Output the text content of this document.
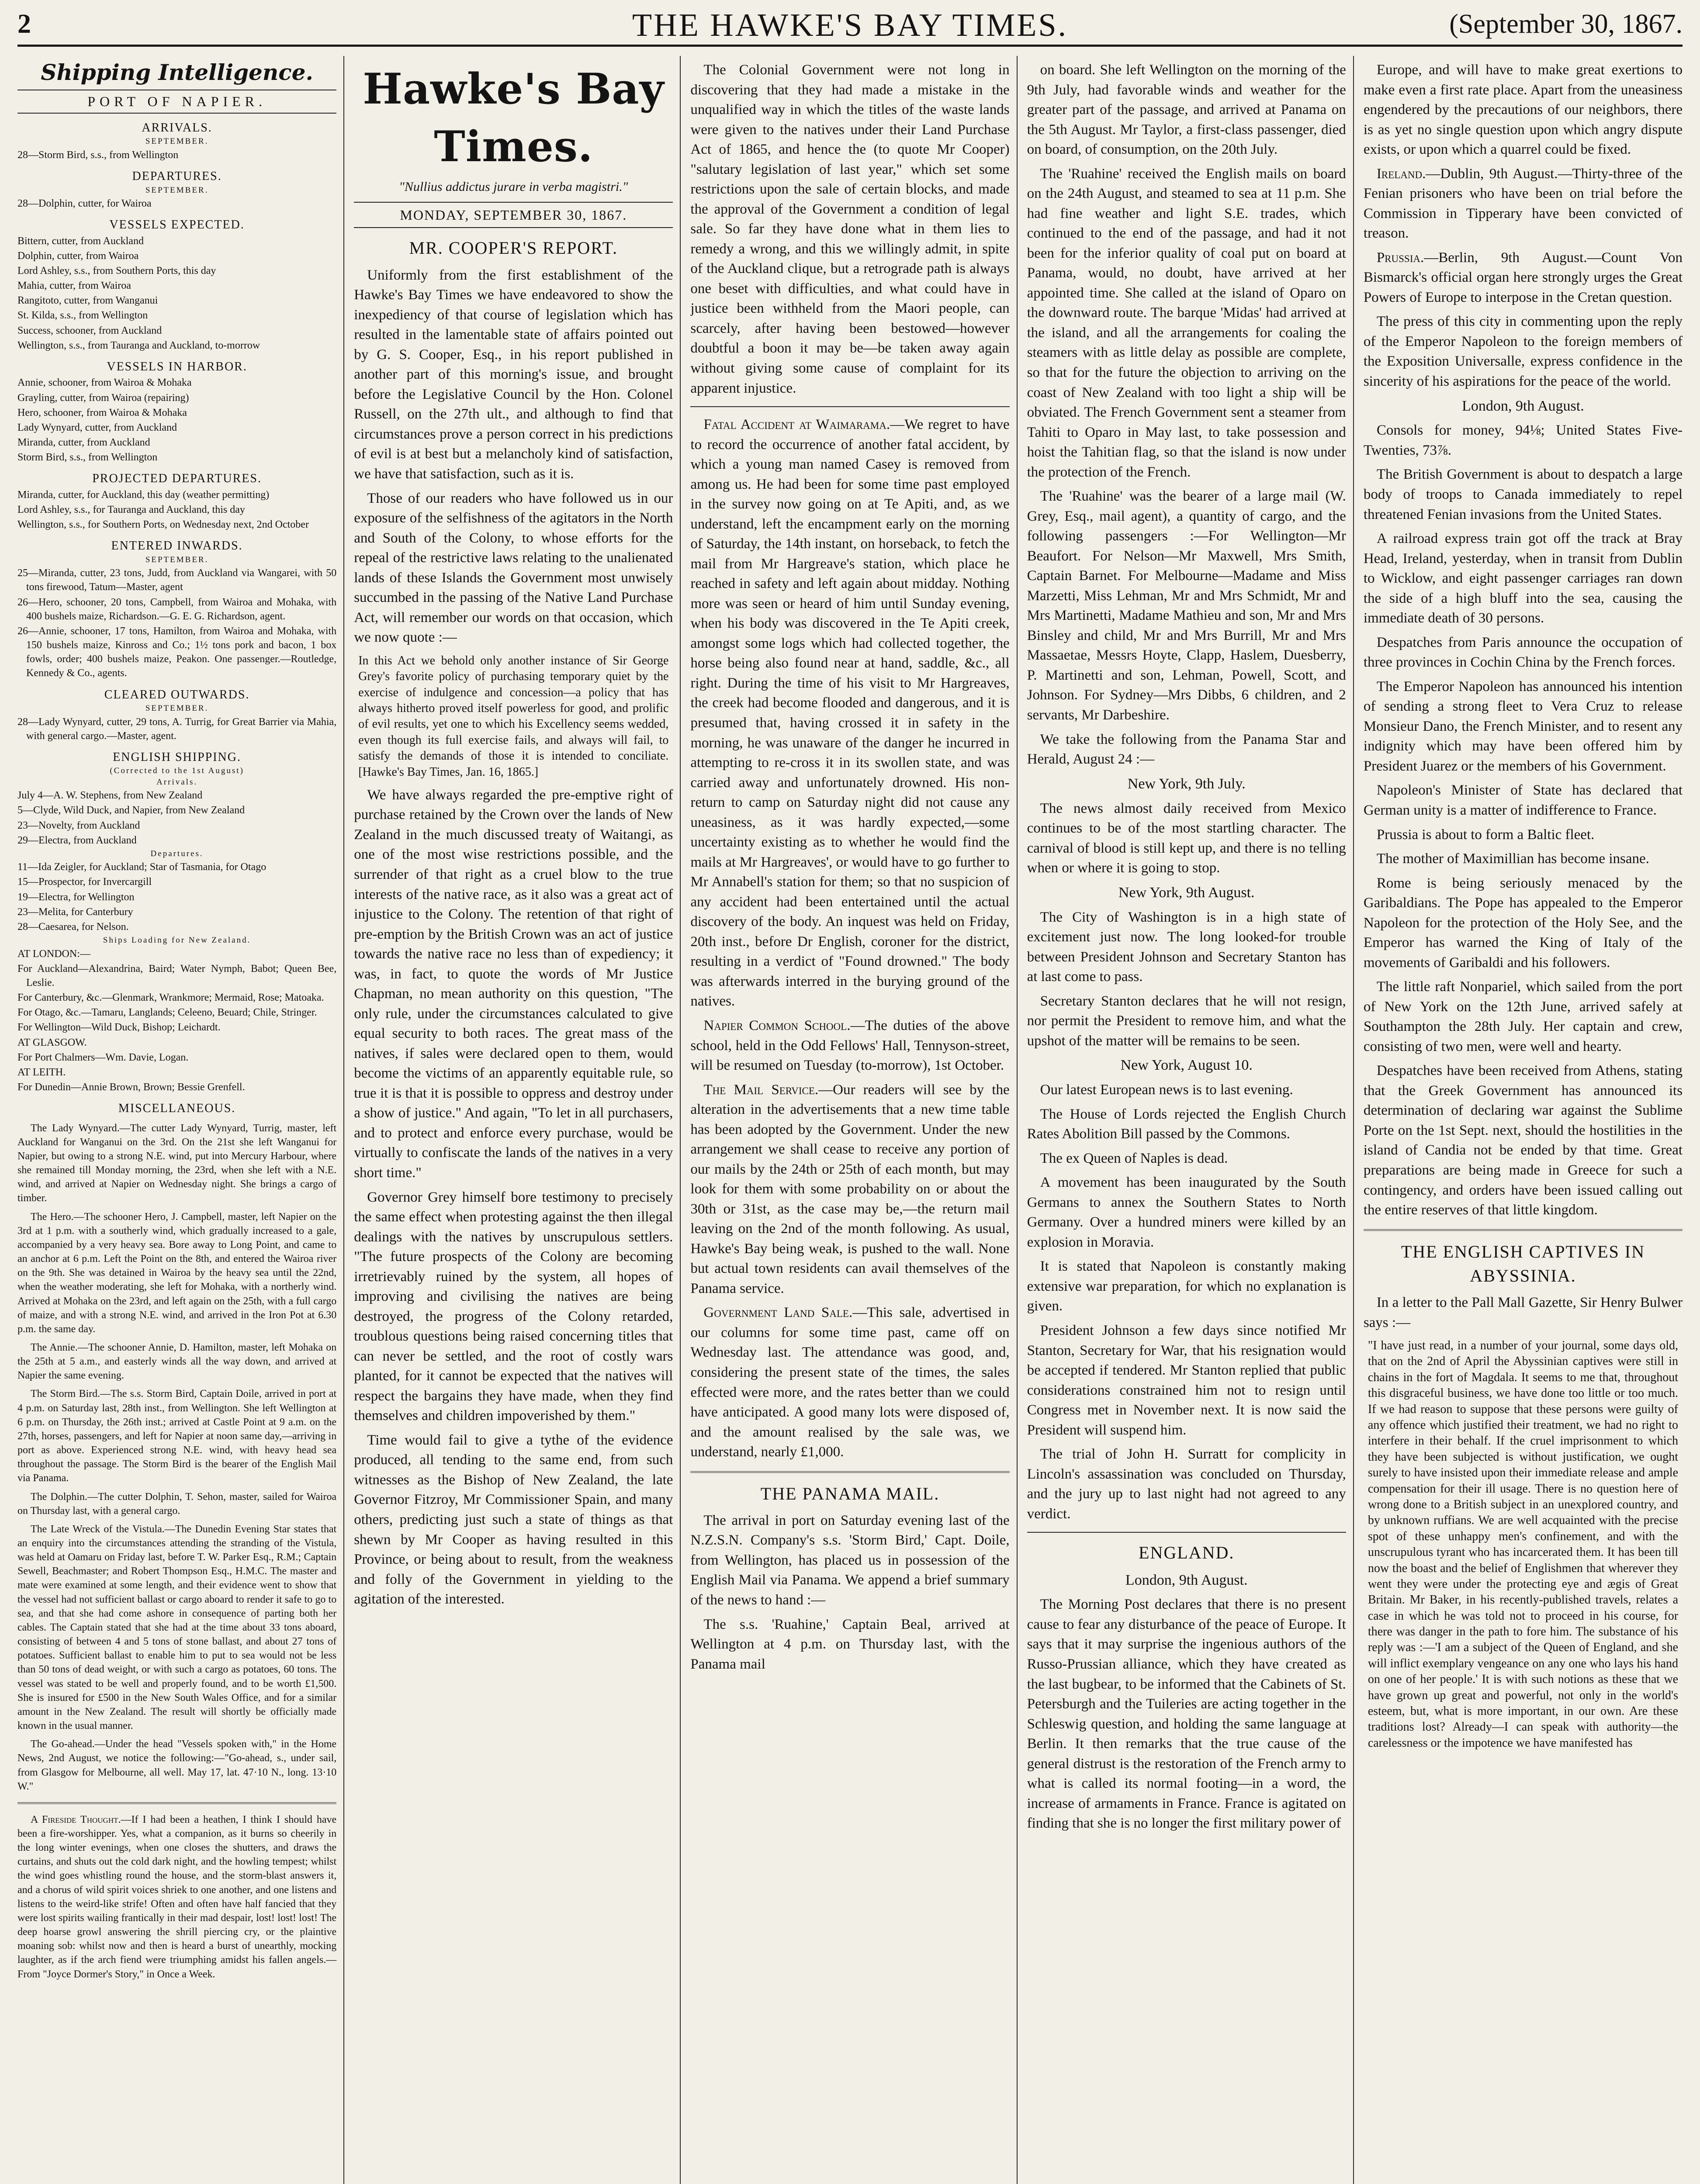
2	THE HAWKE'S BAY TIMES.	(September 30, 1867.
Shipping Intelligence.
PORT OF NAPIER.
ARRIVALS.
SEPTEMBER.
28—Storm Bird, s.s., from Wellington
DEPARTURES.
SEPTEMBER.
28—Dolphin, cutter, for Wairoa
VESSELS EXPECTED.
Bittern, cutter, from Auckland
Dolphin, cutter, from Wairoa
Lord Ashley, s.s., from Southern Ports, this day
Mahia, cutter, from Wairoa
Rangitoto, cutter, from Wanganui
St. Kilda, s.s., from Wellington
Success, schooner, from Auckland
Wellington, s.s., from Tauranga and Auckland, to-morrow
VESSELS IN HARBOR.
Annie, schooner, from Wairoa & Mohaka
Grayling, cutter, from Wairoa (repairing)
Hero, schooner, from Wairoa & Mohaka
Lady Wynyard, cutter, from Auckland
Miranda, cutter, from Auckland
Storm Bird, s.s., from Wellington
PROJECTED DEPARTURES.
Miranda, cutter, for Auckland, this day (weather permitting)
Lord Ashley, s.s., for Tauranga and Auckland, this day
Wellington, s.s., for Southern Ports, on Wednesday next, 2nd October
ENTERED INWARDS.
SEPTEMBER.
25—Miranda, cutter, 23 tons, Judd, from Auckland via Wangarei, with 50 tons firewood, Tatum—Master, agent
26—Hero, schooner, 20 tons, Campbell, from Wairoa and Mohaka, with 400 bushels maize, Richardson.—G. E. G. Richardson, agent.
26—Annie, schooner, 17 tons, Hamilton, from Wairoa and Mohaka, with 150 bushels maize, Kinross and Co.; 1½ tons pork and bacon, 1 box fowls, order; 400 bushels maize, Peakon. One passenger.—Routledge, Kennedy & Co., agents.
CLEARED OUTWARDS.
SEPTEMBER.
28—Lady Wynyard, cutter, 29 tons, A. Turrig, for Great Barrier via Mahia, with general cargo.—Master, agent.
ENGLISH SHIPPING.
(Corrected to the 1st August)
Arrivals.
July 4—A. W. Stephens, from New Zealand
5—Clyde, Wild Duck, and Napier, from New Zealand
23—Novelty, from Auckland
29—Electra, from Auckland
Departures.
11—Ida Zeigler, for Auckland; Star of Tasmania, for Otago
15—Prospector, for Invercargill
19—Electra, for Wellington
23—Melita, for Canterbury
28—Caesarea, for Nelson.
Ships Loading for New Zealand.
AT LONDON:—
For Auckland—Alexandrina, Baird; Water Nymph, Babot; Queen Bee, Leslie.
For Canterbury, &c.—Glenmark, Wrankmore; Mermaid, Rose; Matoaka.
For Otago, &c.—Tamaru, Langlands; Celeeno, Beuard; Chile, Stringer.
For Wellington—Wild Duck, Bishop; Leichardt.
AT GLASGOW.
For Port Chalmers—Wm. Davie, Logan.
AT LEITH.
For Dunedin—Annie Brown, Brown; Bessie Grenfell.
MISCELLANEOUS.

The Lady Wynyard.—The cutter Lady Wynyard, Turrig, master, left Auckland for Wanganui on the 3rd. On the 21st she left Wanganui for Napier, but owing to a strong N.E. wind, put into Mercury Harbour, where she remained till Monday morning, the 23rd, when she left with a N.E. wind, and arrived at Napier on Wednesday night. She brings a cargo of timber.

The Hero.—The schooner Hero, J. Campbell, master, left Napier on the 3rd at 1 p.m. with a southerly wind, which gradually increased to a gale, accompanied by a very heavy sea. Bore away to Long Point, and came to an anchor at 6 p.m. Left the Point on the 8th, and entered the Wairoa river on the 9th. She was detained in Wairoa by the heavy sea until the 22nd, when the weather moderating, she left for Mohaka, with a northerly wind. Arrived at Mohaka on the 23rd, and left again on the 25th, with a full cargo of maize, and with a strong N.E. wind, and arrived in the Iron Pot at 6.30 p.m. the same day.

The Annie.—The schooner Annie, D. Hamilton, master, left Mohaka on the 25th at 5 a.m., and easterly winds all the way down, and arrived at Napier the same evening.

The Storm Bird.—The s.s. Storm Bird, Captain Doile, arrived in port at 4 p.m. on Saturday last, 28th inst., from Wellington. She left Wellington at 6 p.m. on Thursday, the 26th inst.; arrived at Castle Point at 9 a.m. on the 27th, horses, passengers, and left for Napier at noon same day,—arriving in port as above. Experienced strong N.E. wind, with heavy head sea throughout the passage. The Storm Bird is the bearer of the English Mail via Panama.

The Dolphin.—The cutter Dolphin, T. Sehon, master, sailed for Wairoa on Thursday last, with a general cargo.

The Late Wreck of the Vistula.—The Dunedin Evening Star states that an enquiry into the circumstances attending the stranding of the Vistula, was held at Oamaru on Friday last, before T. W. Parker Esq., R.M.; Captain Sewell, Beachmaster; and Robert Thompson Esq., H.M.C. The master and mate were examined at some length, and their evidence went to show that the vessel had not sufficient ballast or cargo aboard to render it safe to go to sea, and that she had come ashore in consequence of parting both her cables. The Captain stated that she had at the time about 33 tons aboard, consisting of between 4 and 5 tons of stone ballast, and about 27 tons of potatoes. Sufficient ballast to enable him to put to sea would not be less than 50 tons of dead weight, or with such a cargo as potatoes, 60 tons. The vessel was stated to be well and properly found, and to be worth £1,500. She is insured for £500 in the New South Wales Office, and for a similar amount in the New Zealand. The result will shortly be officially made known in the usual manner.

The Go-ahead.—Under the head "Vessels spoken with," in the Home News, 2nd August, we notice the following:—"Go-ahead, s., under sail, from Glasgow for Melbourne, all well. May 17, lat. 47·10 N., long. 13·10 W."

A Fireside Thought.—If I had been a heathen, I think I should have been a fire-worshipper. Yes, what a companion, as it burns so cheerily in the long winter evenings, when one closes the shutters, and draws the curtains, and shuts out the cold dark night, and the howling tempest; whilst the wind goes whistling round the house, and the storm-blast answers it, and a chorus of wild spirit voices shriek to one another, and one listens and listens to the weird-like strife! Often and often have half fancied that they were lost spirits wailing frantically in their mad despair, lost! lost! lost! The deep hoarse growl answering the shrill piercing cry, or the plaintive moaning sob: whilst now and then is heard a burst of unearthly, mocking laughter, as if the arch fiend were triumphing amidst his fallen angels.—From "Joyce Dormer's Story," in Once a Week.

Hawke's Bay Times.
"Nullius addictus jurare in verba magistri."
MONDAY, SEPTEMBER 30, 1867.
MR. COOPER'S REPORT.

Uniformly from the first establishment of the Hawke's Bay Times we have endeavored to show the inexpediency of that course of legislation which has resulted in the lamentable state of affairs pointed out by G. S. Cooper, Esq., in his report published in another part of this morning's issue, and brought before the Legislative Council by the Hon. Colonel Russell, on the 27th ult., and although to find that circumstances prove a person correct in his predictions of evil is at best but a melancholy kind of satisfaction, we have that satisfaction, such as it is.

Those of our readers who have followed us in our exposure of the selfishness of the agitators in the North and South of the Colony, to whose efforts for the repeal of the restrictive laws relating to the unalienated lands of these Islands the Government most unwisely succumbed in the passing of the Native Land Purchase Act, will remember our words on that occasion, which we now quote :—

In this Act we behold only another instance of Sir George Grey's favorite policy of purchasing temporary quiet by the exercise of indulgence and concession—a policy that has always hitherto proved itself powerless for good, and prolific of evil results, yet one to which his Excellency seems wedded, even though its full exercise fails, and always will fail, to satisfy the demands of those it is intended to conciliate. [Hawke's Bay Times, Jan. 16, 1865.]

We have always regarded the pre-emptive right of purchase retained by the Crown over the lands of New Zealand in the much discussed treaty of Waitangi, as one of the most wise restrictions possible, and the surrender of that right as a cruel blow to the true interests of the native race, as it also was a great act of injustice to the Colony. The retention of that right of pre-emption by the British Crown was an act of justice towards the native race no less than of expediency; it was, in fact, to quote the words of Mr Justice Chapman, no mean authority on this question, "The only rule, under the circumstances calculated to give equal security to both races. The great mass of the natives, if sales were declared open to them, would become the victims of an apparently equitable rule, so true it is that it is possible to oppress and destroy under a show of justice." And again, "To let in all purchasers, and to protect and enforce every purchase, would be virtually to confiscate the lands of the natives in a very short time."

Governor Grey himself bore testimony to precisely the same effect when protesting against the then illegal dealings with the natives by unscrupulous settlers. "The future prospects of the Colony are becoming irretrievably ruined by the system, all hopes of improving and civilising the natives are being destroyed, the progress of the Colony retarded, troublous questions being raised concerning titles that can never be settled, and the root of costly wars planted, for it cannot be expected that the natives will respect the bargains they have made, when they find themselves and children impoverished by them."

Time would fail to give a tythe of the evidence produced, all tending to the same end, from such witnesses as the Bishop of New Zealand, the late Governor Fitzroy, Mr Commissioner Spain, and many others, predicting just such a state of things as that shewn by Mr Cooper as having resulted in this Province, or being about to result, from the weakness and folly of the Government in yielding to the agitation of the interested.

The Colonial Government were not long in discovering that they had made a mistake in the unqualified way in which the titles of the waste lands were given to the natives under their Land Purchase Act of 1865, and hence the (to quote Mr Cooper) "salutary legislation of last year," which set some restrictions upon the sale of certain blocks, and made the approval of the Government a condition of legal sale. So far they have done what in them lies to remedy a wrong, and this we willingly admit, in spite of the Auckland clique, but a retrograde path is always one beset with difficulties, and what could have in justice been withheld from the Maori people, can scarcely, after having been bestowed—however doubtful a boon it may be—be taken away again without giving some cause of complaint for its apparent injustice.

Fatal Accident at Waimarama.—We regret to have to record the occurrence of another fatal accident, by which a young man named Casey is removed from among us. He had been for some time past employed in the survey now going on at Te Apiti, and, as we understand, left the encampment early on the morning of Saturday, the 14th instant, on horseback, to fetch the mail from Mr Hargreave's station, which place he reached in safety and left again about midday. Nothing more was seen or heard of him until Sunday evening, when his body was discovered in the Te Apiti creek, amongst some logs which had collected together, the horse being also found near at hand, saddle, &c., all right. During the time of his visit to Mr Hargreaves, the creek had become flooded and dangerous, and it is presumed that, having crossed it in safety in the morning, he was unaware of the danger he incurred in attempting to re-cross it in its swollen state, and was carried away and unfortunately drowned. His non-return to camp on Saturday night did not cause any uneasiness, as it was hardly expected,—some uncertainty existing as to whether he would find the mails at Mr Hargreaves', or would have to go further to Mr Annabell's station for them; so that no suspicion of any accident had been entertained until the actual discovery of the body. An inquest was held on Friday, 20th inst., before Dr English, coroner for the district, resulting in a verdict of "Found drowned." The body was afterwards interred in the burying ground of the natives.

Napier Common School.—The duties of the above school, held in the Odd Fellows' Hall, Tennyson-street, will be resumed on Tuesday (to-morrow), 1st October.

The Mail Service.—Our readers will see by the alteration in the advertisements that a new time table has been adopted by the Government. Under the new arrangement we shall cease to receive any portion of our mails by the 24th or 25th of each month, but may look for them with some probability on or about the 30th or 31st, as the case may be,—the return mail leaving on the 2nd of the month following. As usual, Hawke's Bay being weak, is pushed to the wall. None but actual town residents can avail themselves of the Panama service.

Government Land Sale.—This sale, advertised in our columns for some time past, came off on Wednesday last. The attendance was good, and, considering the present state of the times, the sales effected were more, and the rates better than we could have anticipated. A good many lots were disposed of, and the amount realised by the sale was, we understand, nearly £1,000.

THE PANAMA MAIL.

The arrival in port on Saturday evening last of the N.Z.S.N. Company's s.s. 'Storm Bird,' Capt. Doile, from Wellington, has placed us in possession of the English Mail via Panama. We append a brief summary of the news to hand :—

The s.s. 'Ruahine,' Captain Beal, arrived at Wellington at 4 p.m. on Thursday last, with the Panama mail

on board. She left Wellington on the morning of the 9th July, had favorable winds and weather for the greater part of the passage, and arrived at Panama on the 5th August. Mr Taylor, a first-class passenger, died on board, of consumption, on the 20th July.

The 'Ruahine' received the English mails on board on the 24th August, and steamed to sea at 11 p.m. She had fine weather and light S.E. trades, which continued to the end of the passage, and had it not been for the inferior quality of coal put on board at Panama, would, no doubt, have arrived at her appointed time. She called at the island of Oparo on the downward route. The barque 'Midas' had arrived at the island, and all the arrangements for coaling the steamers with as little delay as possible are complete, so that for the future the objection to arriving on the coast of New Zealand with too light a ship will be obviated. The French Government sent a steamer from Tahiti to Oparo in May last, to take possession and hoist the Tahitian flag, so that the island is now under the protection of the French.

The 'Ruahine' was the bearer of a large mail (W. Grey, Esq., mail agent), a quantity of cargo, and the following passengers :—For Wellington—Mr Beaufort. For Nelson—Mr Maxwell, Mrs Smith, Captain Barnet. For Melbourne—Madame and Miss Marzetti, Miss Lehman, Mr and Mrs Schmidt, Mr and Mrs Martinetti, Madame Mathieu and son, Mr and Mrs Binsley and child, Mr and Mrs Burrill, Mr and Mrs Massaetae, Messrs Hoyte, Clapp, Haslem, Duesberry, P. Martinetti and son, Lehman, Powell, Scott, and Johnson. For Sydney—Mrs Dibbs, 6 children, and 2 servants, Mr Darbeshire.

We take the following from the Panama Star and Herald, August 24 :—

New York, 9th July.

The news almost daily received from Mexico continues to be of the most startling character. The carnival of blood is still kept up, and there is no telling when or where it is going to stop.

New York, 9th August.

The City of Washington is in a high state of excitement just now. The long looked-for trouble between President Johnson and Secretary Stanton has at last come to pass.

Secretary Stanton declares that he will not resign, nor permit the President to remove him, and what the upshot of the matter will be remains to be seen.

New York, August 10.

Our latest European news is to last evening.

The House of Lords rejected the English Church Rates Abolition Bill passed by the Commons.

The ex Queen of Naples is dead.

A movement has been inaugurated by the South Germans to annex the Southern States to North Germany. Over a hundred miners were killed by an explosion in Moravia.

It is stated that Napoleon is constantly making extensive war preparation, for which no explanation is given.

President Johnson a few days since notified Mr Stanton, Secretary for War, that his resignation would be accepted if tendered. Mr Stanton replied that public considerations constrained him not to resign until Congress met in November next. It is now said the President will suspend him.

The trial of John H. Surratt for complicity in Lincoln's assassination was concluded on Thursday, and the jury up to last night had not agreed to any verdict.

ENGLAND.
London, 9th August.

The Morning Post declares that there is no present cause to fear any disturbance of the peace of Europe. It says that it may surprise the ingenious authors of the Russo-Prussian alliance, which they have created as the last bugbear, to be informed that the Cabinets of St. Petersburgh and the Tuileries are acting together in the Schleswig question, and holding the same language at Berlin. It then remarks that the true cause of the general distrust is the restoration of the French army to what is called its normal footing—in a word, the increase of armaments in France. France is agitated on finding that she is no longer the first military power of

Europe, and will have to make great exertions to make even a first rate place. Apart from the uneasiness engendered by the precautions of our neighbors, there is as yet no single question upon which angry dispute exists, or upon which a quarrel could be fixed.

Ireland.—Dublin, 9th August.—Thirty-three of the Fenian prisoners who have been on trial before the Commission in Tipperary have been convicted of treason.

Prussia.—Berlin, 9th August.—Count Von Bismarck's official organ here strongly urges the Great Powers of Europe to interpose in the Cretan question.

The press of this city in commenting upon the reply of the Emperor Napoleon to the foreign members of the Exposition Universalle, express confidence in the sincerity of his aspirations for the peace of the world.

London, 9th August.

Consols for money, 94⅛; United States Five-Twenties, 73⅞.

The British Government is about to despatch a large body of troops to Canada immediately to repel threatened Fenian invasions from the United States.

A railroad express train got off the track at Bray Head, Ireland, yesterday, when in transit from Dublin to Wicklow, and eight passenger carriages ran down the side of a high bluff into the sea, causing the immediate death of 30 persons.

Despatches from Paris announce the occupation of three provinces in Cochin China by the French forces.

The Emperor Napoleon has announced his intention of sending a strong fleet to Vera Cruz to release Monsieur Dano, the French Minister, and to resent any indignity which may have been offered him by President Juarez or the members of his Government.

Napoleon's Minister of State has declared that German unity is a matter of indifference to France.

Prussia is about to form a Baltic fleet.

The mother of Maximillian has become insane.

Rome is being seriously menaced by the Garibaldians. The Pope has appealed to the Emperor Napoleon for the protection of the Holy See, and the Emperor has warned the King of Italy of the movements of Garibaldi and his followers.

The little raft Nonpariel, which sailed from the port of New York on the 12th June, arrived safely at Southampton the 28th July. Her captain and crew, consisting of two men, were well and hearty.

Despatches have been received from Athens, stating that the Greek Government has announced its determination of declaring war against the Sublime Porte on the 1st Sept. next, should the hostilities in the island of Candia not be ended by that time. Great preparations are being made in Greece for such a contingency, and orders have been issued calling out the entire reserves of that little kingdom.

THE ENGLISH CAPTIVES IN ABYSSINIA.

In a letter to the Pall Mall Gazette, Sir Henry Bulwer says :—

"I have just read, in a number of your journal, some days old, that on the 2nd of April the Abyssinian captives were still in chains in the fort of Magdala. It seems to me that, throughout this disgraceful business, we have done too little or too much. If we had reason to suppose that these persons were guilty of any offence which justified their treatment, we had no right to interfere in their behalf. If the cruel imprisonment to which they have been subjected is without justification, we ought surely to have insisted upon their immediate release and ample compensation for their ill usage. There is no question here of wrong done to a British subject in an unexplored country, and by unknown ruffians. We are well acquainted with the precise spot of these unhappy men's confinement, and with the unscrupulous tyrant who has incarcerated them. It has been till now the boast and the belief of Englishmen that wherever they went they were under the protecting eye and ægis of Great Britain. Mr Baker, in his recently-published travels, relates a case in which he was told not to proceed in his course, for there was danger in the path to fore him. The substance of his reply was :—'I am a subject of the Queen of England, and she will inflict exemplary vengeance on any one who lays his hand on one of her people.' It is with such notions as these that we have grown up great and powerful, not only in the world's esteem, but, what is more important, in our own. Are these traditions lost? Already—I can speak with authority—the carelessness or the impotence we have manifested has
